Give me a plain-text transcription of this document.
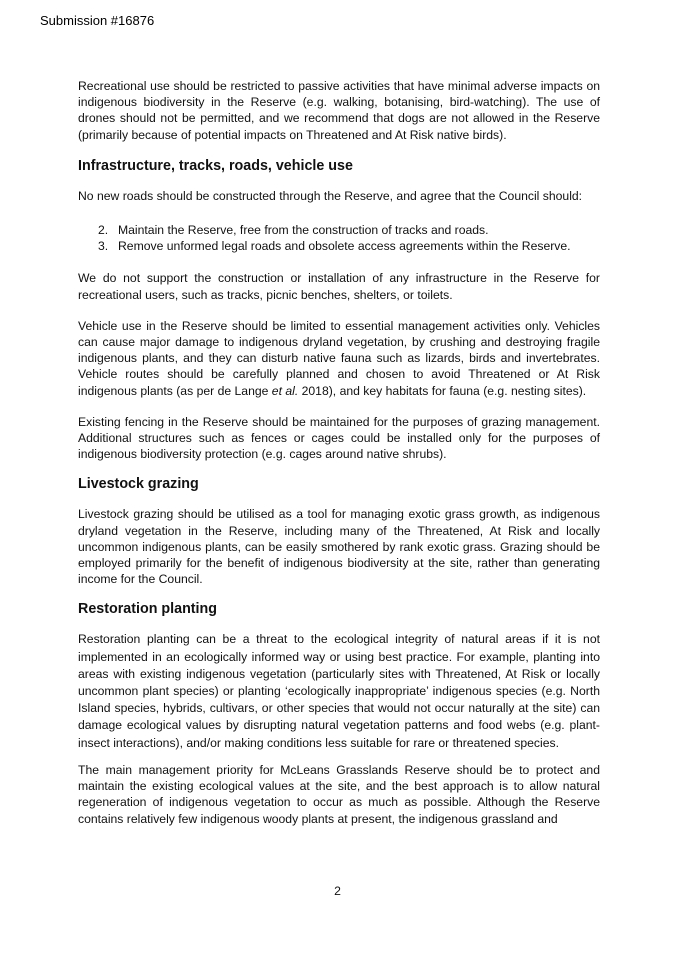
Submission #16876

Recreational use should be restricted to passive activities that have minimal adverse impacts on indigenous biodiversity in the Reserve (e.g. walking, botanising, bird-watching). The use of drones should not be permitted, and we recommend that dogs are not allowed in the Reserve (primarily because of potential impacts on Threatened and At Risk native birds).

Infrastructure, tracks, roads, vehicle use

No new roads should be constructed through the Reserve, and agree that the Council should:

2. Maintain the Reserve, free from the construction of tracks and roads.
3. Remove unformed legal roads and obsolete access agreements within the Reserve.

We do not support the construction or installation of any infrastructure in the Reserve for recreational users, such as tracks, picnic benches, shelters, or toilets.

Vehicle use in the Reserve should be limited to essential management activities only. Vehicles can cause major damage to indigenous dryland vegetation, by crushing and destroying fragile indigenous plants, and they can disturb native fauna such as lizards, birds and invertebrates. Vehicle routes should be carefully planned and chosen to avoid Threatened or At Risk indigenous plants (as per de Lange et al. 2018), and key habitats for fauna (e.g. nesting sites).

Existing fencing in the Reserve should be maintained for the purposes of grazing management. Additional structures such as fences or cages could be installed only for the purposes of indigenous biodiversity protection (e.g. cages around native shrubs).

Livestock grazing

Livestock grazing should be utilised as a tool for managing exotic grass growth, as indigenous dryland vegetation in the Reserve, including many of the Threatened, At Risk and locally uncommon indigenous plants, can be easily smothered by rank exotic grass. Grazing should be employed primarily for the benefit of indigenous biodiversity at the site, rather than generating income for the Council.

Restoration planting

Restoration planting can be a threat to the ecological integrity of natural areas if it is not implemented in an ecologically informed way or using best practice. For example, planting into areas with existing indigenous vegetation (particularly sites with Threatened, At Risk or locally uncommon plant species) or planting ‘ecologically inappropriate’ indigenous species (e.g. North Island species, hybrids, cultivars, or other species that would not occur naturally at the site) can damage ecological values by disrupting natural vegetation patterns and food webs (e.g. plant-insect interactions), and/or making conditions less suitable for rare or threatened species.

The main management priority for McLeans Grasslands Reserve should be to protect and maintain the existing ecological values at the site, and the best approach is to allow natural regeneration of indigenous vegetation to occur as much as possible. Although the Reserve contains relatively few indigenous woody plants at present, the indigenous grassland and

2
